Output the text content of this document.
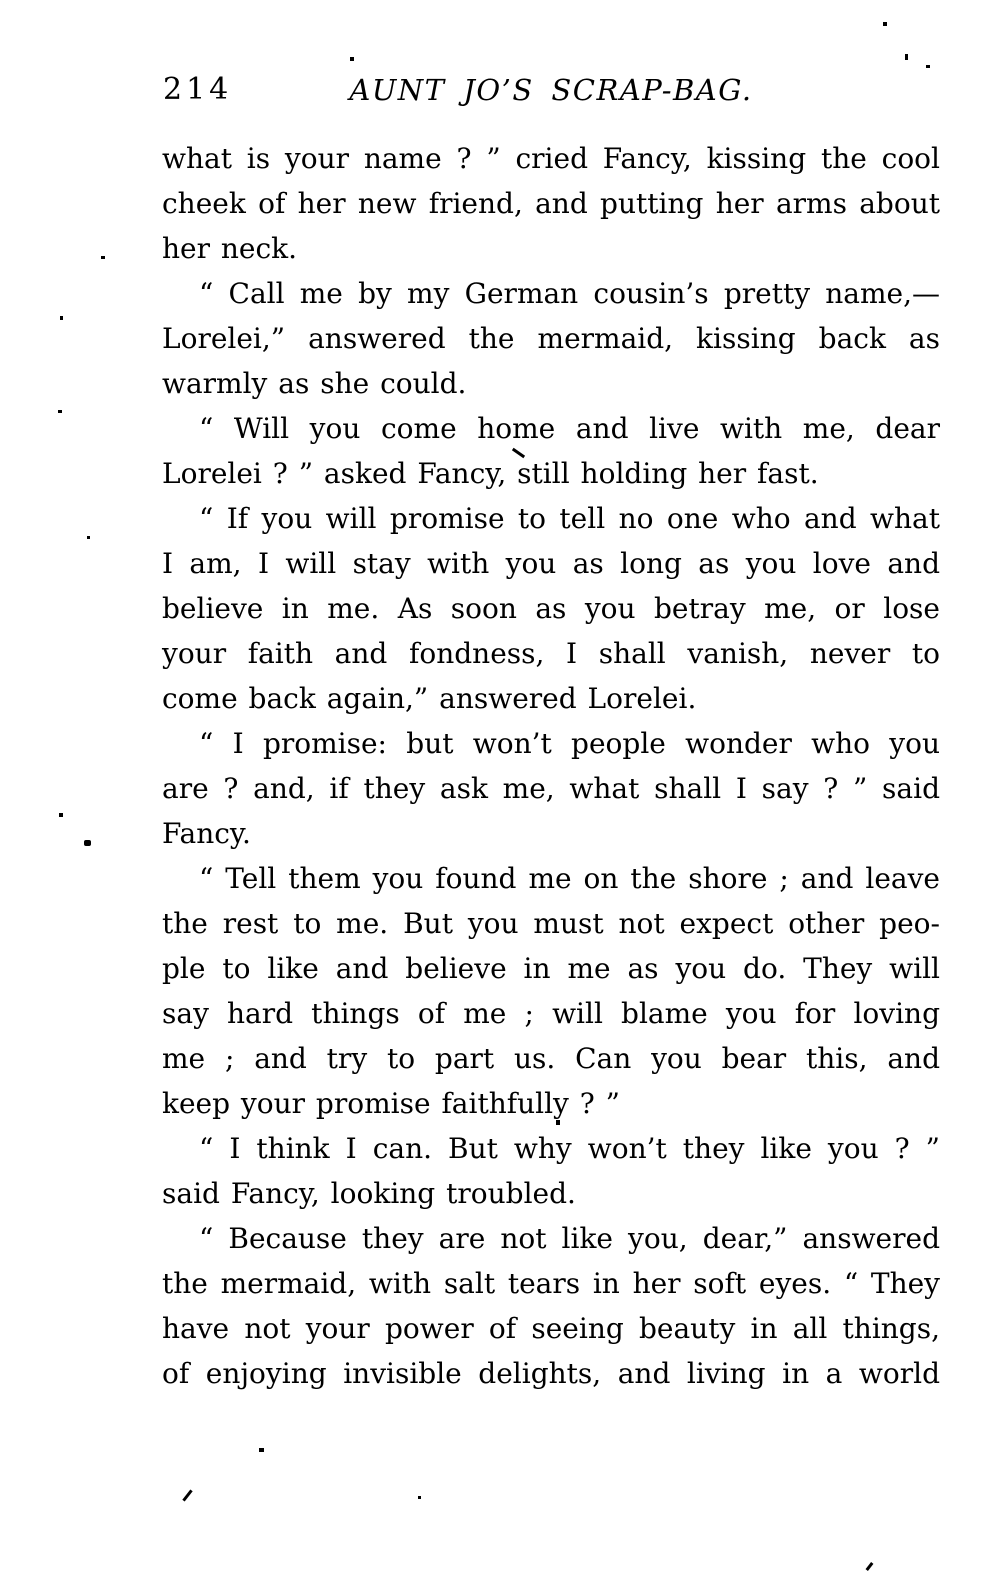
214	AUNT JO’S SCRAP-BAG.
what is your name ? ” cried Fancy, kissing the cool
cheek of her new friend, and putting her arms about
her neck.
“ Call me by my German cousin’s pretty name,—
Lorelei,” answered the mermaid, kissing back as
warmly as she could.
“ Will you come home and live with me, dear
Lorelei ? ” asked Fancy, still holding her fast.
“ If you will promise to tell no one who and what
I am, I will stay with you as long as you love and
believe in me. As soon as you betray me, or lose
your faith and fondness, I shall vanish, never to
come back again,” answered Lorelei.
“ I promise: but won’t people wonder who you
are ? and, if they ask me, what shall I say ? ” said
Fancy.
“ Tell them you found me on the shore ; and leave
the rest to me. But you must not expect other peo-
ple to like and believe in me as you do. They will
say hard things of me ; will blame you for loving
me ; and try to part us. Can you bear this, and
keep your promise faithfully ? ”
“ I think I can. But why won’t they like you ? ”
said Fancy, looking troubled.
“ Because they are not like you, dear,” answered
the mermaid, with salt tears in her soft eyes. “ They
have not your power of seeing beauty in all things,
of enjoying invisible delights, and living in a world
